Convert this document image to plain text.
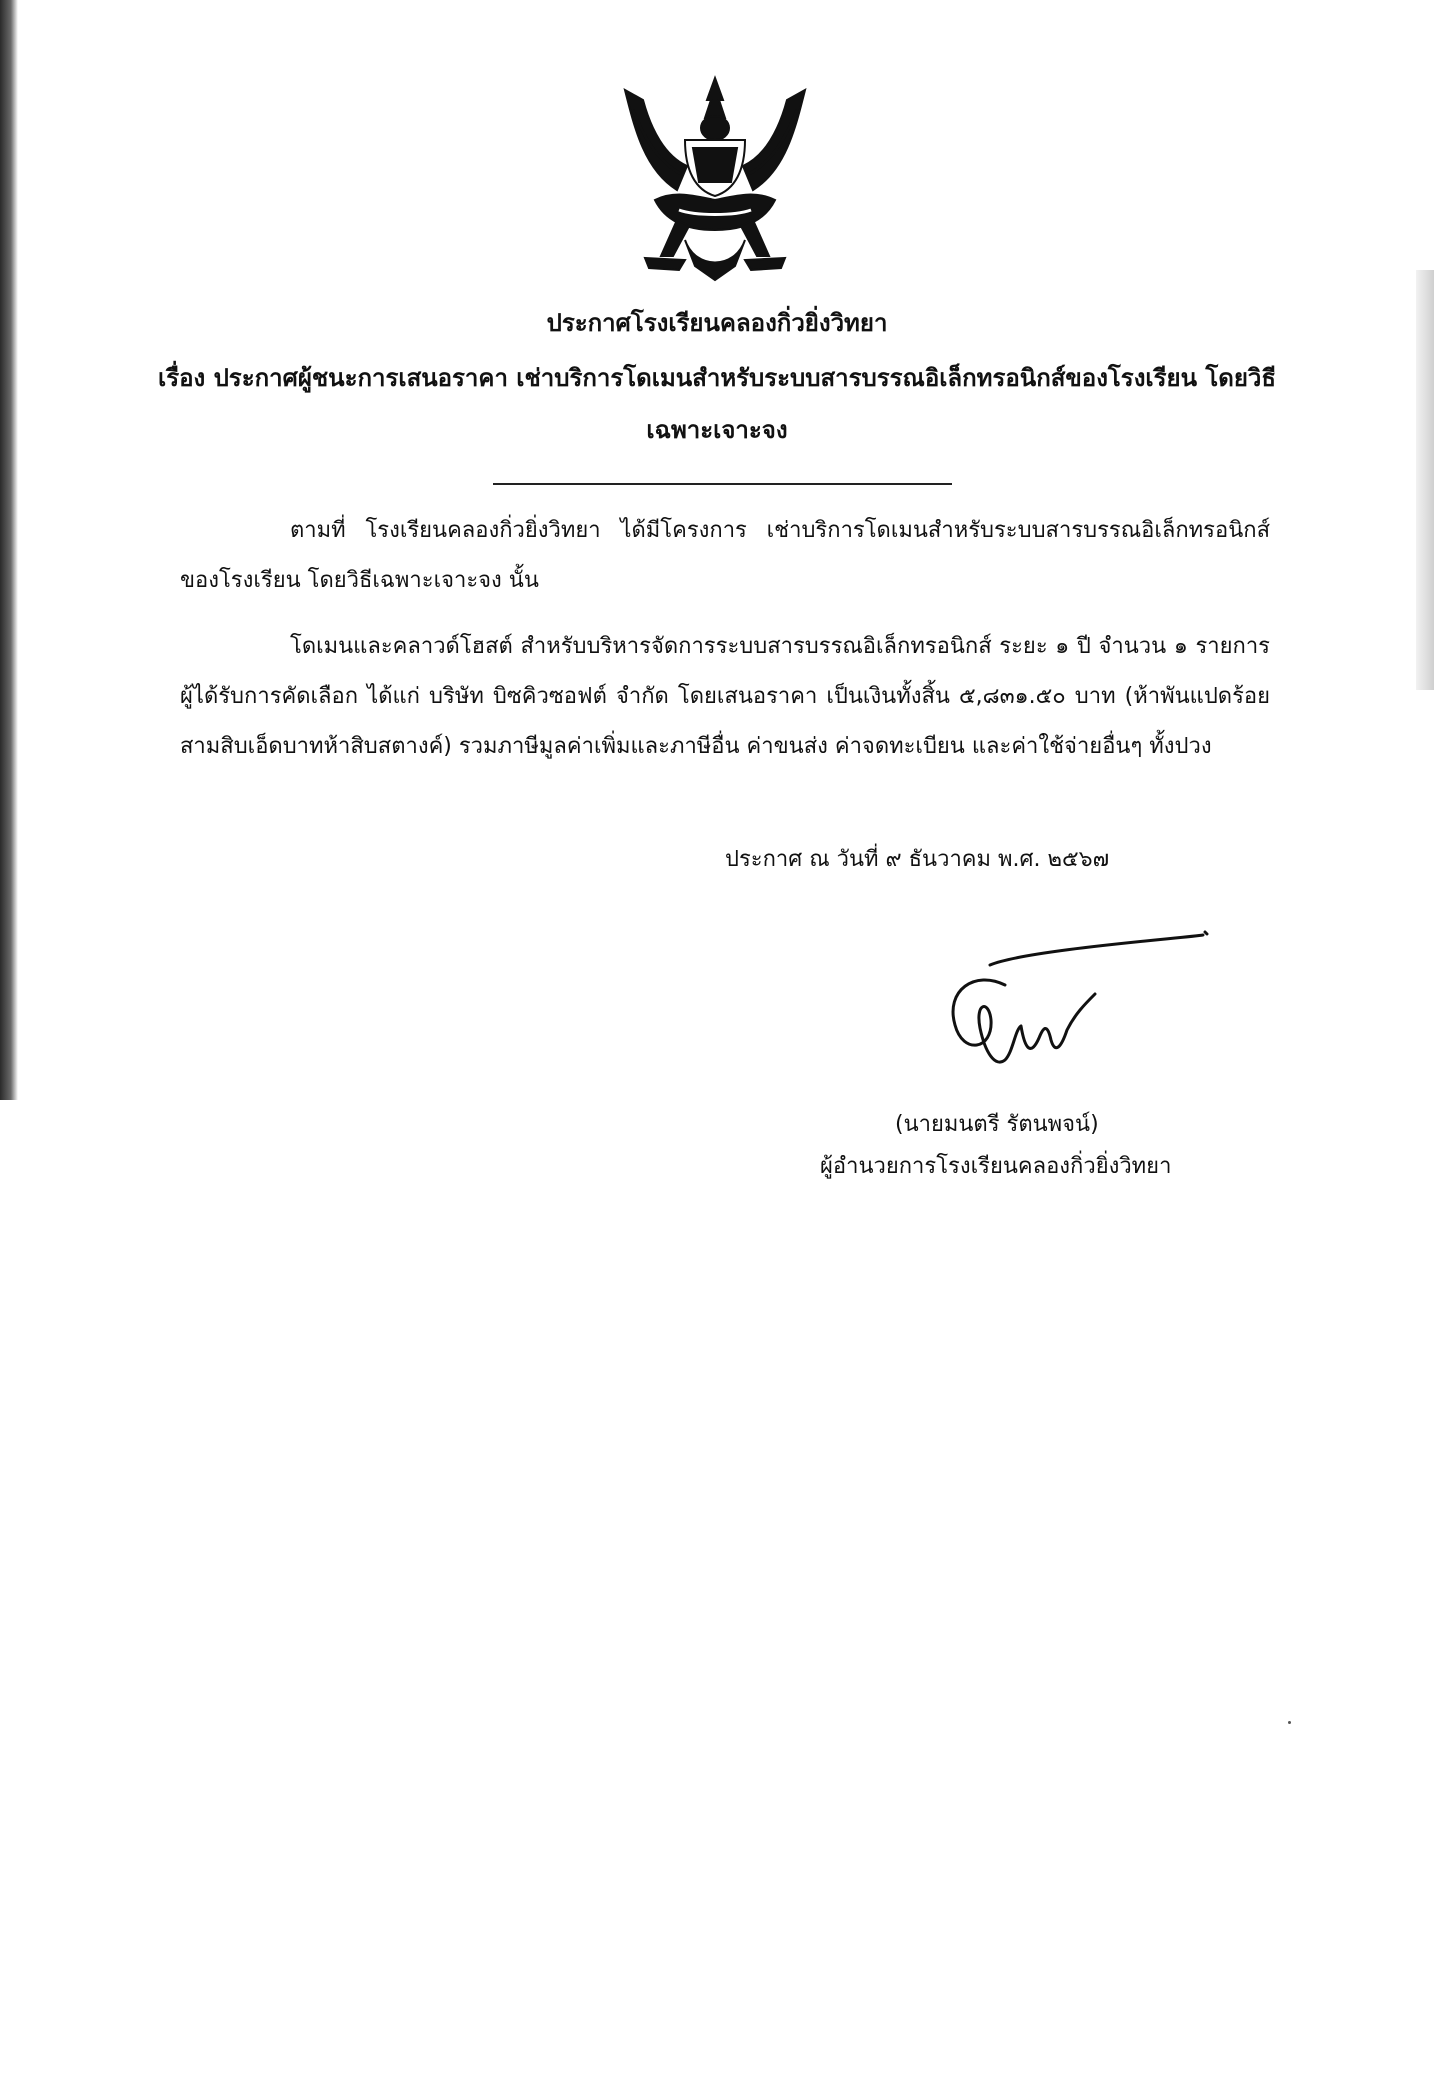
ประกาศโรงเรียนคลองกิ่วยิ่งวิทยา
เรื่อง ประกาศผู้ชนะการเสนอราคา เช่าบริการโดเมนสำหรับระบบสารบรรณอิเล็กทรอนิกส์ของโรงเรียน โดยวิธี
เฉพาะเจาะจง

ตามที่ โรงเรียนคลองกิ่วยิ่งวิทยา ได้มีโครงการ เช่าบริการโดเมนสำหรับระบบสารบรรณอิเล็กทรอนิกส์ของโรงเรียน โดยวิธีเฉพาะเจาะจง นั้น

โดเมนและคลาวด์โฮสต์ สำหรับบริหารจัดการระบบสารบรรณอิเล็กทรอนิกส์ ระยะ ๑ ปี จำนวน ๑ รายการ ผู้ได้รับการคัดเลือก ได้แก่ บริษัท บิซคิวซอฟต์ จำกัด โดยเสนอราคา เป็นเงินทั้งสิ้น ๕,๘๓๑.๕๐ บาท (ห้าพันแปดร้อยสามสิบเอ็ดบาทห้าสิบสตางค์) รวมภาษีมูลค่าเพิ่มและภาษีอื่น ค่าขนส่ง ค่าจดทะเบียน และค่าใช้จ่ายอื่นๆ ทั้งปวง

ประกาศ ณ วันที่ ๙ ธันวาคม พ.ศ. ๒๕๖๗
(นายมนตรี รัตนพจน์)
ผู้อำนวยการโรงเรียนคลองกิ่วยิ่งวิทยา
